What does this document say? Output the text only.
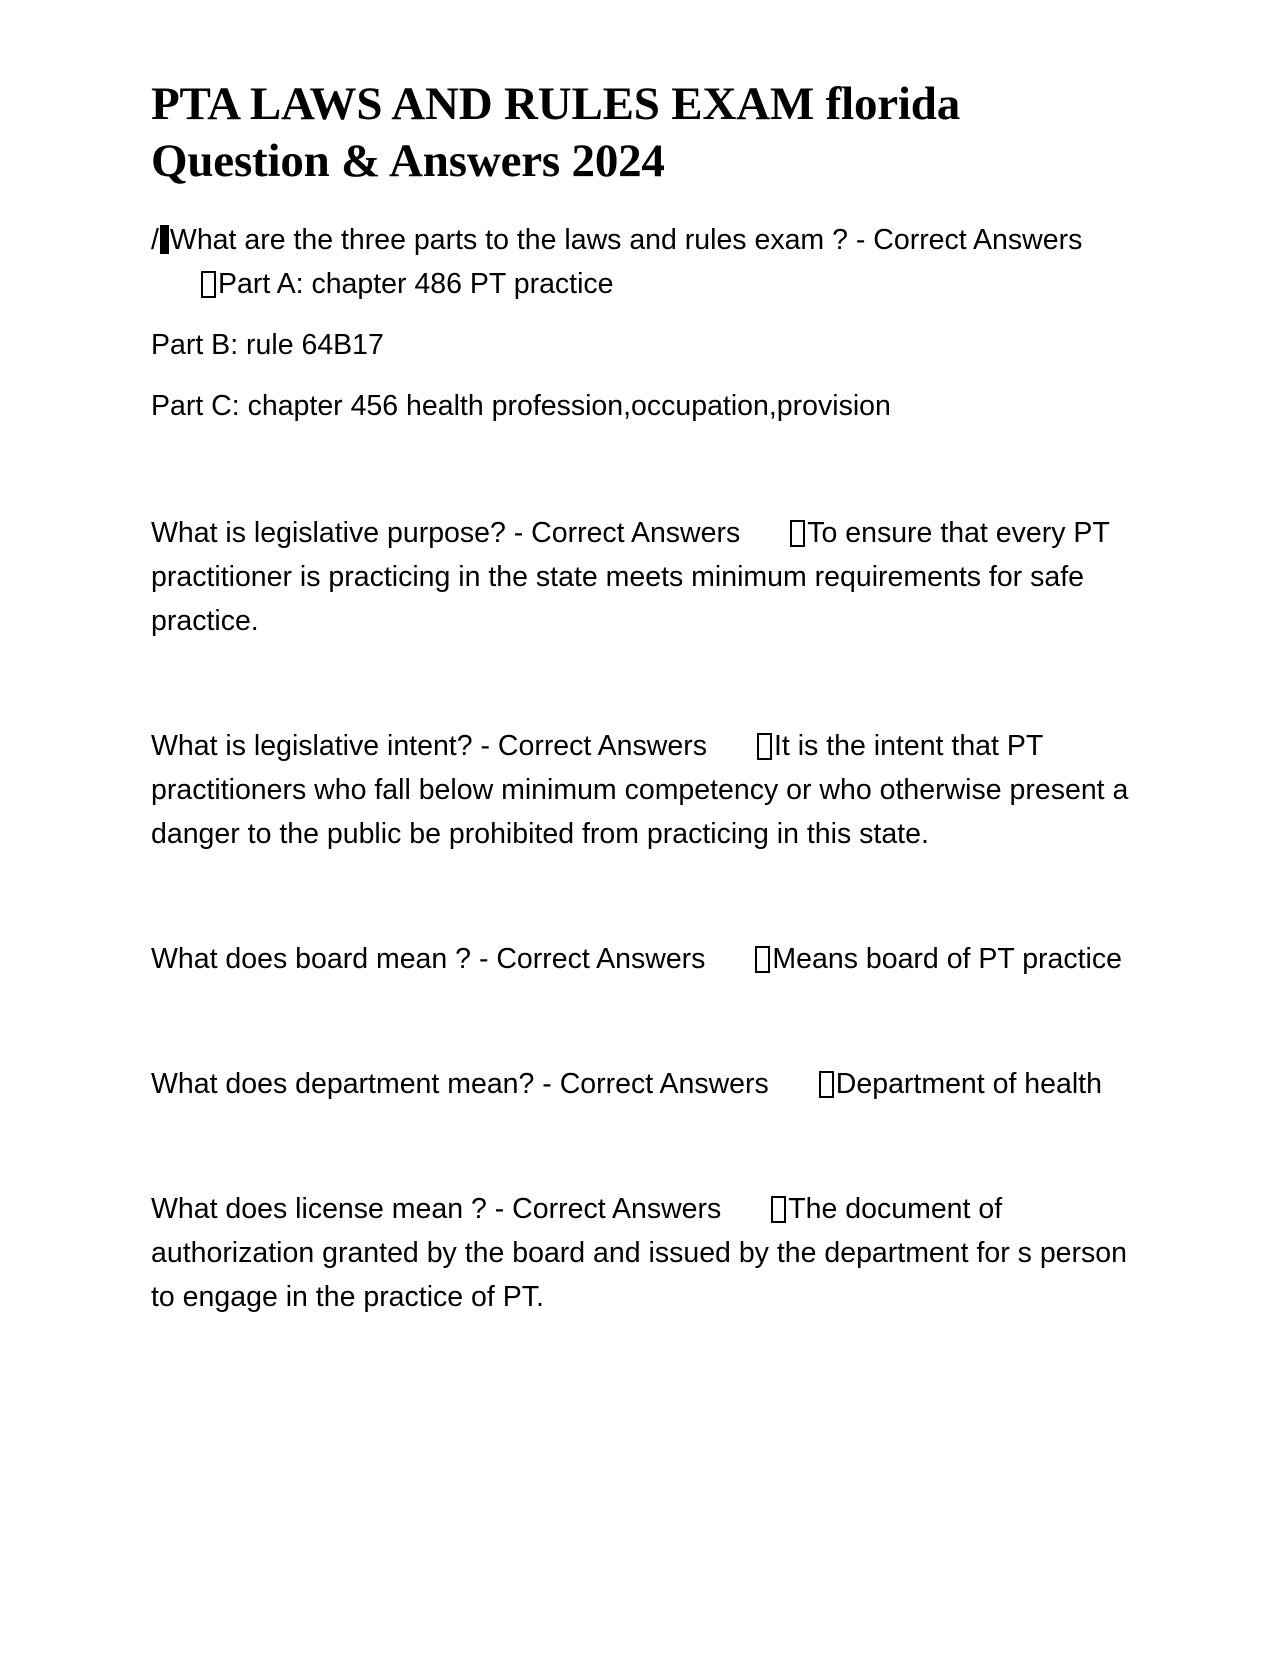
PTA LAWS AND RULES EXAM florida
Question & Answers 2024

/ What are the three parts to the laws and rules exam ? - Correct AnswersPart A: chapter 486 PT practice

Part B: rule 64B17

Part C: chapter 456 health profession,occupation,provision

What is legislative purpose? - Correct Answers To ensure that every PT practitioner is practicing in the state meets minimum requirements for safe practice.

What is legislative intent? - Correct Answers It is the intent that PT practitioners who fall below minimum competency or who otherwise present a danger to the public be prohibited from practicing in this state.

What does board mean ? - Correct Answers Means board of PT practice

What does department mean? - Correct Answers Department of health

What does license mean ? - Correct Answers The document of authorization granted by the board and issued by the department for s person to engage in the practice of PT.
